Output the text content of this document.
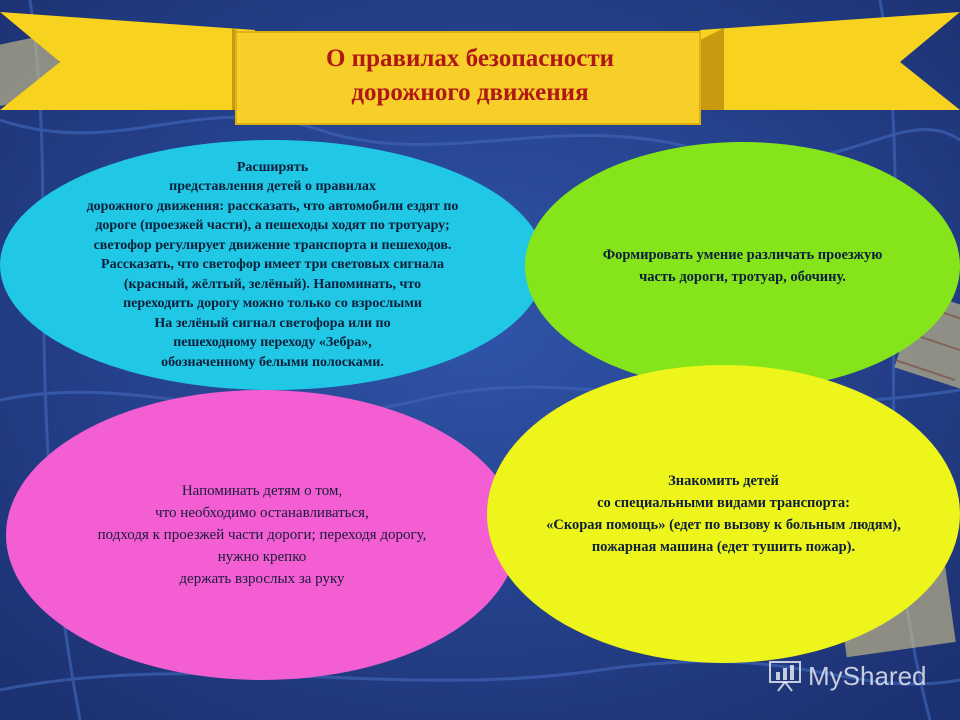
О правилах безопасности
дорожного движения
Расширять
представления детей о правилах
дорожного движения: рассказать, что автомобили ездят по
дороге (проезжей части), а пешеходы ходят по тротуару;
светофор регулирует движение транспорта и пешеходов.
Рассказать, что светофор имеет три световых сигнала
(красный, жёлтый, зелёный). Напоминать, что
переходить дорогу можно только со взрослыми
На зелёный сигнал светофора или по
пешеходному переходу «Зебра»,
обозначенному белыми полосками.
Формировать умение различать проезжую
часть дороги, тротуар, обочину.
Напоминать детям о том,
что необходимо останавливаться,
подходя к проезжей части дороги; переходя дорогу,
нужно крепко
держать взрослых за руку
Знакомить детей
со специальными видами транспорта:
«Скорая помощь» (едет по вызову к больным людям),
пожарная машина (едет тушить пожар).
MyShared
